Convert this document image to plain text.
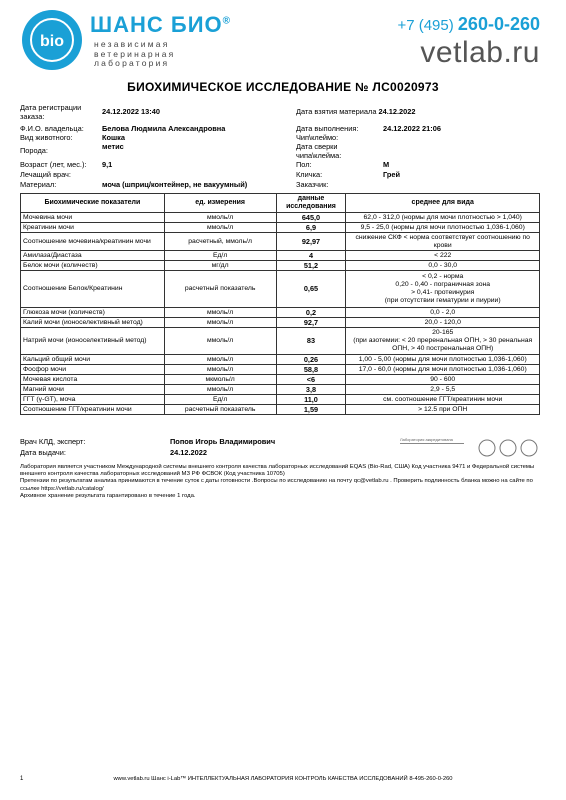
bio
ШАНС БИО®
независимая
ветеринарная
лаборатория
+7 (495) 260-0-260
vetlab.ru
БИОХИМИЧЕСКОЕ ИССЛЕДОВАНИЕ № ЛС0020973
Дата регистрации заказа:
24.12.2022 13:40
Ф.И.О. владельца: Белова Людмила Александровна
Вид животного:	Кошка
Порода:	метис
Возраст (лет, мес.): 9,1
Лечащий врач:
Материал:	моча (шприц/контейнер, не вакуумный)
Дата взятия материала 24.12.2022
Дата выполнения:	24.12.2022 21:06
Чип\клеймо:
Дата сверки чипа\клейма:
Пол:	М
Кличка:	Грей
Заказчик:
Биохимические показатели	ед. измерения	данные исследования	среднее для вида
Мочевина мочи	ммоль/л	645,0	62,0 - 312,0 (нормы для мочи плотностью > 1,040)
Креатинин мочи	ммоль/л	6,9	9,5 - 25,0 (нормы для мочи плотностью 1,036-1,060)
Соотношение мочевина/креатинин мочи	расчетный, ммоль/л	92,97	снижение СКФ < норма соответствует соотношению по крови
Амилаза/Диастаза	Ед/л	4	< 222
Белок мочи (количеств)	мг/дл	51,2	0,0 - 30,0
Соотношение Белок/Креатинин	расчетный показатель	0,65	< 0,2 - норма
0,20 - 0,40 - пограничная зона
> 0,41- протеинурия
(при отсутствии гематурии и пиурии)
Глюкоза мочи (количеств)	ммоль/л	0,2	0,0 - 2,0
Калий мочи (ионоселективный метод)	ммоль/л	92,7	20,0 - 120,0
Натрий мочи (ионоселективный метод)	ммоль/л	83	20-165
(при азотемии: < 20 преренальная ОПН, > 30 ренальная ОПН, > 40 постренальная ОПН)
Кальций общий мочи	ммоль/л	0,26	1,00 - 5,00 (нормы для мочи плотностью 1,036-1,060)
Фосфор мочи	ммоль/л	58,8	17,0 - 60,0 (нормы для мочи плотностью 1,036-1,060)
Мочевая кислота	мкмоль/л	<6	90 - 600
Магний мочи	ммоль/л	3,8	2,9 - 5,5
ГГТ (γ-GT), моча	Ед/л	11,0	см. соотношение ГГТ/креатинин мочи
Соотношение ГГТ/креатинин мочи	расчетный показатель	1,59	> 12.5 при ОПН
Врач КЛД, эксперт:	Попов Игорь Владимирович
Дата выдачи:	24.12.2022
Лаборатория аккредитована
Лаборатория является участником Международной системы внешнего контроля качества лабораторных исследований EQAS (Bio-Rad, США) Код участника 9471 и Федеральной системы внешнего контроля качества лабораторных исследований МЗ РФ ФСВОК (Код участника 10705)
Претензии по результатам анализа принимаются в течение суток с даты готовности .Вопросы по исследованию на почту qc@vetlab.ru . Проверить подлинность бланка можно на сайте по ссылке https://vetlab.ru/catalog/
Архивное хранение результата гарантировано в течение 1 года.
1	www.vetlab.ru Шанс i-Lab™ ИНТЕЛЛЕКТУАЛЬНАЯ ЛАБОРАТОРИЯ КОНТРОЛЬ КАЧЕСТВА ИССЛЕДОВАНИЙ 8-495-260-0-260
